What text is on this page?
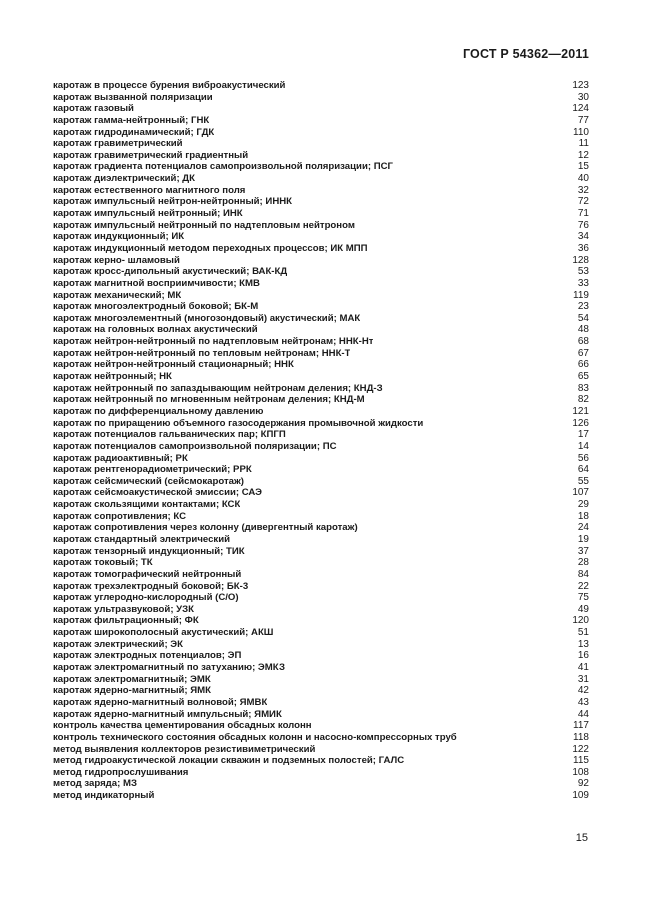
ГОСТ Р 54362—2011
каротаж в процессе бурения виброакустический	123
каротаж вызванной поляризации	30
каротаж газовый	124
каротаж гамма-нейтронный; ГНК	77
каротаж гидродинамический; ГДК	110
каротаж гравиметрический	11
каротаж гравиметрический градиентный	12
каротаж градиента потенциалов самопроизвольной поляризации; ПСГ	15
каротаж диэлектрический; ДК	40
каротаж естественного магнитного поля	32
каротаж импульсный нейтрон-нейтронный; ИННК	72
каротаж импульсный нейтронный; ИНК	71
каротаж импульсный нейтронный по надтепловым нейтроном	76
каротаж индукционный; ИК	34
каротаж индукционный методом переходных процессов; ИК МПП	36
каротаж керно- шламовый	128
каротаж кросс-дипольный акустический; ВАК-КД	53
каротаж магнитной восприимчивости; КМВ	33
каротаж механический; МК	119
каротаж многоэлектродный боковой; БК-М	23
каротаж многоэлементный (многозондовый) акустический; МАК	54
каротаж на головных волнах акустический	48
каротаж нейтрон-нейтронный по надтепловым нейтронам; ННК-Нт	68
каротаж нейтрон-нейтронный по тепловым нейтронам; ННК-Т	67
каротаж нейтрон-нейтронный стационарный; ННК	66
каротаж нейтронный; НК	65
каротаж нейтронный по запаздывающим нейтронам деления; КНД-З	83
каротаж нейтронный по мгновенным нейтронам деления; КНД-М	82
каротаж по дифференциальному давлению	121
каротаж по приращению объемного газосодержания промывочной жидкости	126
каротаж потенциалов гальванических пар; КПГП	17
каротаж потенциалов самопроизвольной поляризации; ПС	14
каротаж радиоактивный; РК	56
каротаж рентгенорадиометрический; РРК	64
каротаж сейсмический (сейсмокаротаж)	55
каротаж сейсмоакустической эмиссии; САЭ	107
каротаж скользящими контактами; КСК	29
каротаж сопротивления; КС	18
каротаж сопротивления через колонну (дивергентный каротаж)	24
каротаж стандартный электрический	19
каротаж тензорный индукционный; ТИК	37
каротаж токовый; ТК	28
каротаж томографический нейтронный	84
каротаж трехэлектродный боковой; БК-3	22
каротаж углеродно-кислородный (С/О)	75
каротаж ультразвуковой; УЗК	49
каротаж фильтрационный; ФК	120
каротаж широкополосный акустический; АКШ	51
каротаж электрический; ЭК	13
каротаж электродных потенциалов; ЭП	16
каротаж электромагнитный по затуханию; ЭМКЗ	41
каротаж электромагнитный; ЭМК	31
каротаж ядерно-магнитный; ЯМК	42
каротаж ядерно-магнитный волновой; ЯМВК	43
каротаж ядерно-магнитный импульсный; ЯМИК	44
контроль качества цементирования обсадных колонн	117
контроль технического состояния обсадных колонн и насосно-компрессорных труб	118
метод выявления коллекторов резистивиметрический	122
метод гидроакустической локации скважин и подземных полостей; ГАЛС	115
метод гидропрослушивания	108
метод заряда; МЗ	92
метод индикаторный	109
15
